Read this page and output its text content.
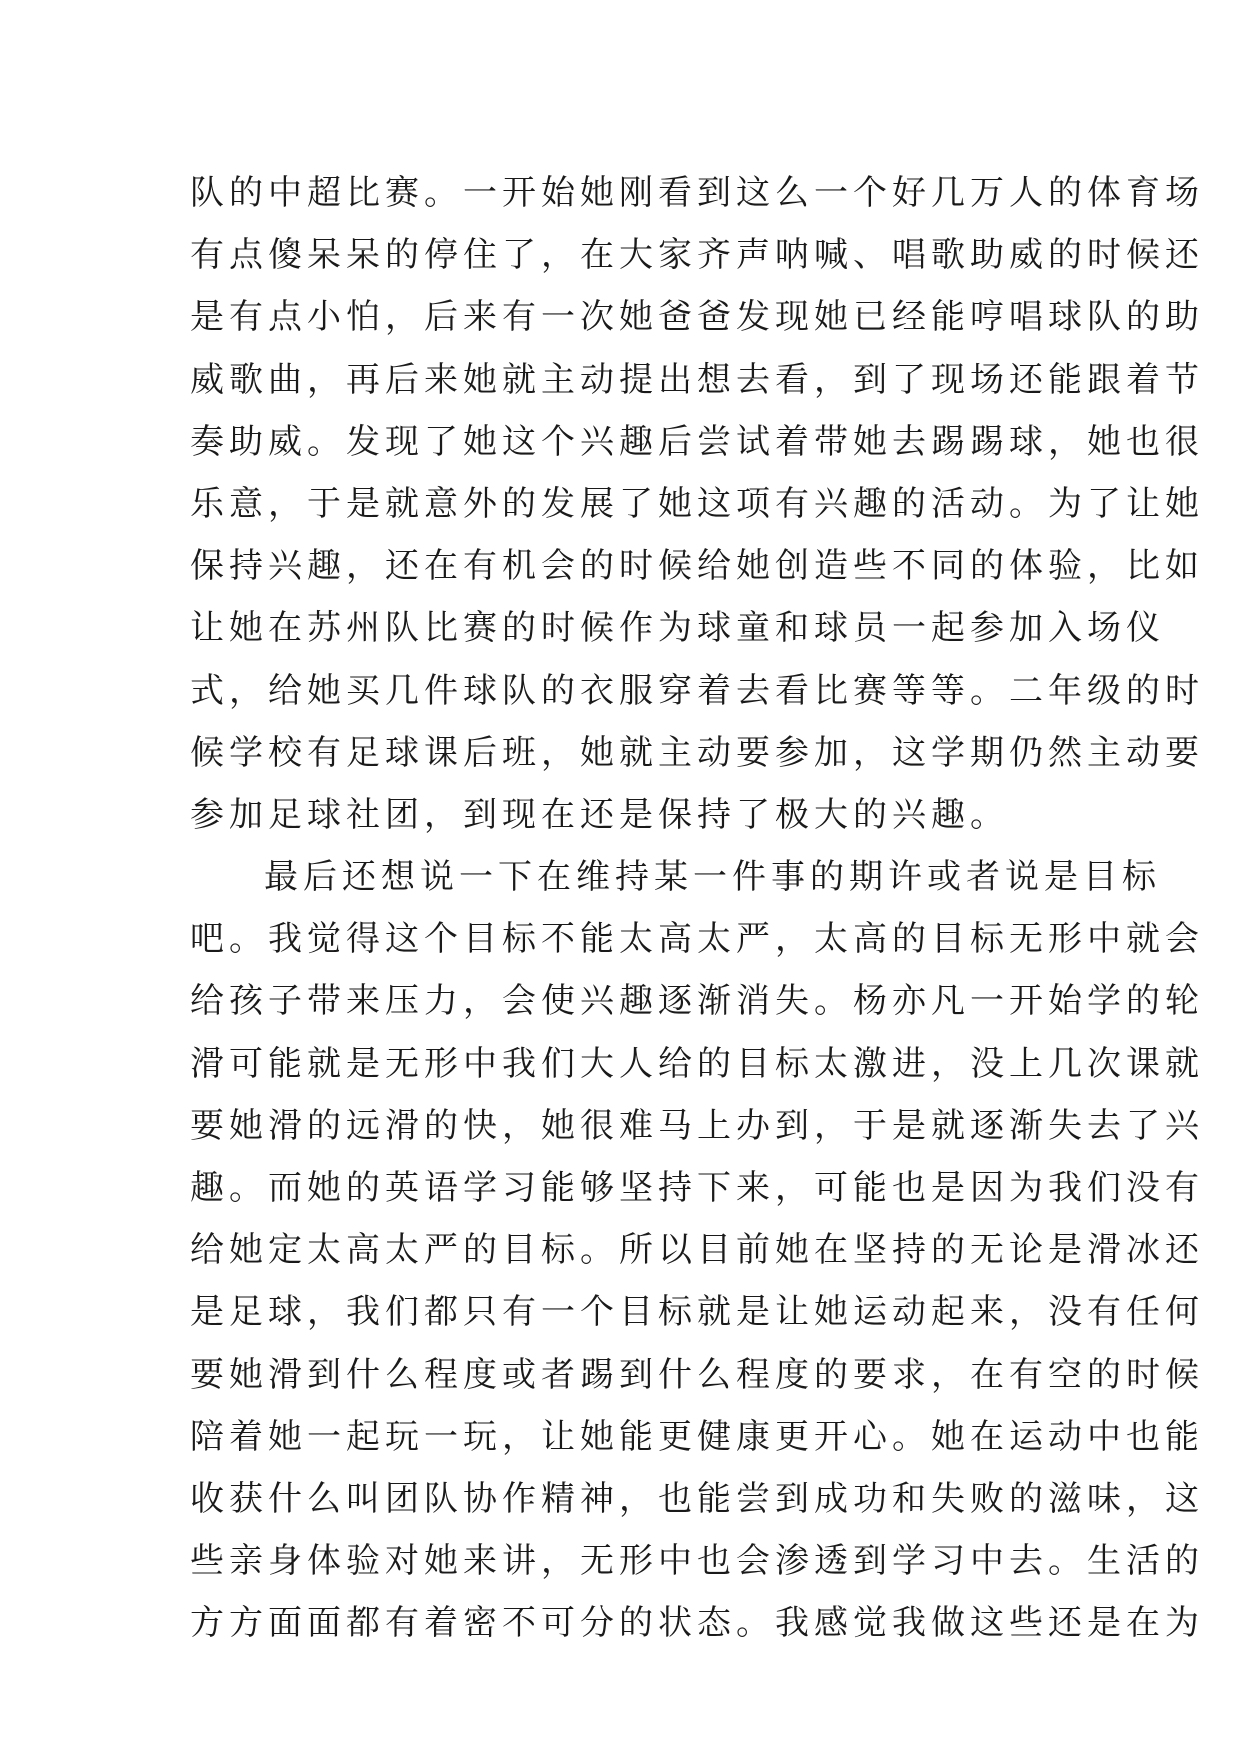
队的中超比赛。一开始她刚看到这么一个好几万人的体育场
有点傻呆呆的停住了，在大家齐声呐喊、唱歌助威的时候还
是有点小怕，后来有一次她爸爸发现她已经能哼唱球队的助
威歌曲，再后来她就主动提出想去看，到了现场还能跟着节
奏助威。发现了她这个兴趣后尝试着带她去踢踢球，她也很
乐意，于是就意外的发展了她这项有兴趣的活动。为了让她
保持兴趣，还在有机会的时候给她创造些不同的体验，比如
让她在苏州队比赛的时候作为球童和球员一起参加入场仪
式，给她买几件球队的衣服穿着去看比赛等等。二年级的时
候学校有足球课后班，她就主动要参加，这学期仍然主动要
参加足球社团，到现在还是保持了极大的兴趣。
最后还想说一下在维持某一件事的期许或者说是目标
吧。我觉得这个目标不能太高太严，太高的目标无形中就会
给孩子带来压力，会使兴趣逐渐消失。杨亦凡一开始学的轮
滑可能就是无形中我们大人给的目标太激进，没上几次课就
要她滑的远滑的快，她很难马上办到，于是就逐渐失去了兴
趣。而她的英语学习能够坚持下来，可能也是因为我们没有
给她定太高太严的目标。所以目前她在坚持的无论是滑冰还
是足球，我们都只有一个目标就是让她运动起来，没有任何
要她滑到什么程度或者踢到什么程度的要求，在有空的时候
陪着她一起玩一玩，让她能更健康更开心。她在运动中也能
收获什么叫团队协作精神，也能尝到成功和失败的滋味，这
些亲身体验对她来讲，无形中也会渗透到学习中去。生活的
方方面面都有着密不可分的状态。我感觉我做这些还是在为
